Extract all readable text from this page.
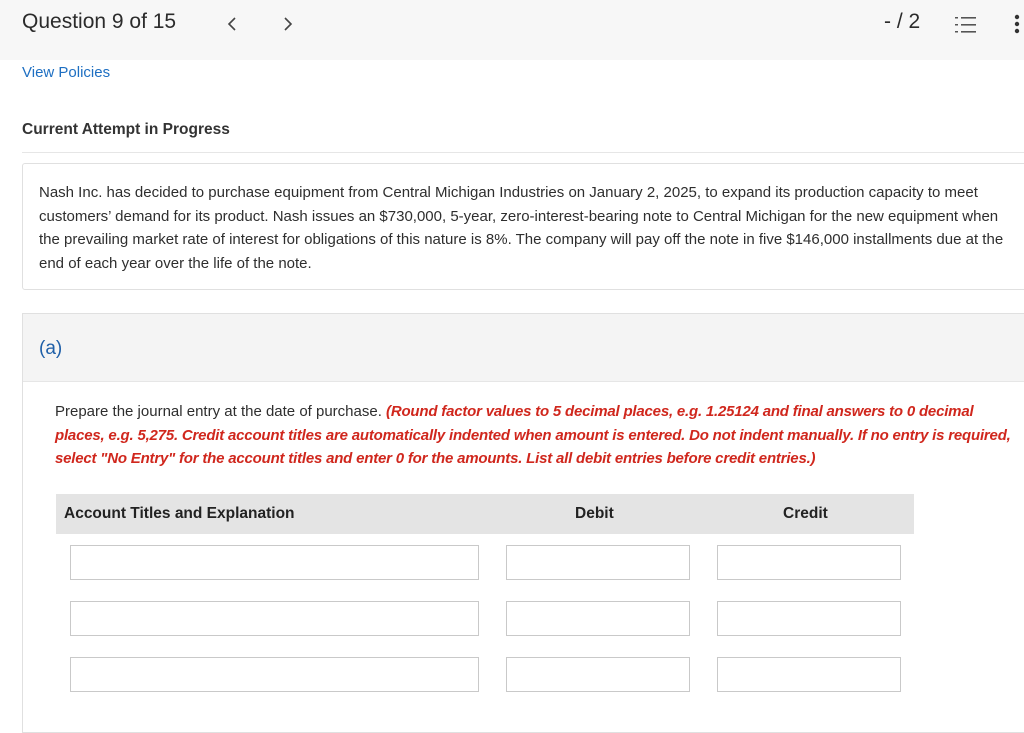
Question 9 of 15	- / 2
View Policies
Current Attempt in Progress
Nash Inc. has decided to purchase equipment from Central Michigan Industries on January 2, 2025, to expand its production capacity to meet customers’ demand for its product. Nash issues an $730,000, 5-year, zero-interest-bearing note to Central Michigan for the new equipment when the prevailing market rate of interest for obligations of this nature is 8%. The company will pay off the note in five $146,000 installments due at the end of each year over the life of the note.
(a)
Prepare the journal entry at the date of purchase. (Round factor values to 5 decimal places, e.g. 1.25124 and final answers to 0 decimal places, e.g. 5,275. Credit account titles are automatically indented when amount is entered. Do not indent manually. If no entry is required, select "No Entry" for the account titles and enter 0 for the amounts. List all debit entries before credit entries.)
Account Titles and Explanation	Debit	Credit
